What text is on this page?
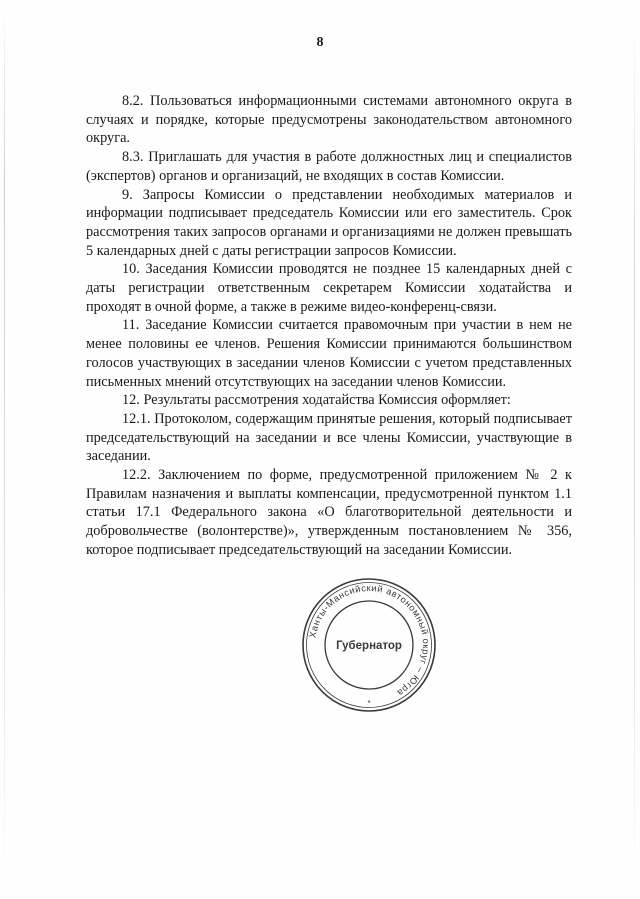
8

8.2. Пользоваться информационными системами автономного округа в случаях и порядке, которые предусмотрены законодательством автономного округа.

8.3. Приглашать для участия в работе должностных лиц и специалистов (экспертов) органов и организаций, не входящих в состав Комиссии.

9. Запросы Комиссии о представлении необходимых материалов и информации подписывает председатель Комиссии или его заместитель. Срок рассмотрения таких запросов органами и организациями не должен превышать 5 календарных дней с даты регистрации запросов Комиссии.

10. Заседания Комиссии проводятся не позднее 15 календарных дней с даты регистрации ответственным секретарем Комиссии ходатайства и проходят в очной форме, а также в режиме видео-конференц-связи.

11. Заседание Комиссии считается правомочным при участии в нем не менее половины ее членов. Решения Комиссии принимаются большинством голосов участвующих в заседании членов Комиссии с учетом представленных письменных мнений отсутствующих на заседании членов Комиссии.

12. Результаты рассмотрения ходатайства Комиссия оформляет:

12.1. Протоколом, содержащим принятые решения, который подписывает председательствующий на заседании и все члены Комиссии, участвующие в заседании.

12.2. Заключением по форме, предусмотренной приложением № 2 к Правилам назначения и выплаты компенсации, предусмотренной пунктом 1.1 статьи 17.1 Федерального закона «О благотворительной деятельности и добровольчестве (волонтерстве)», утвержденным постановлением № 356, которое подписывает председательствующий на заседании Комиссии.

Ханты-Мансийский автономный округ – Югра
Губернатор
*
